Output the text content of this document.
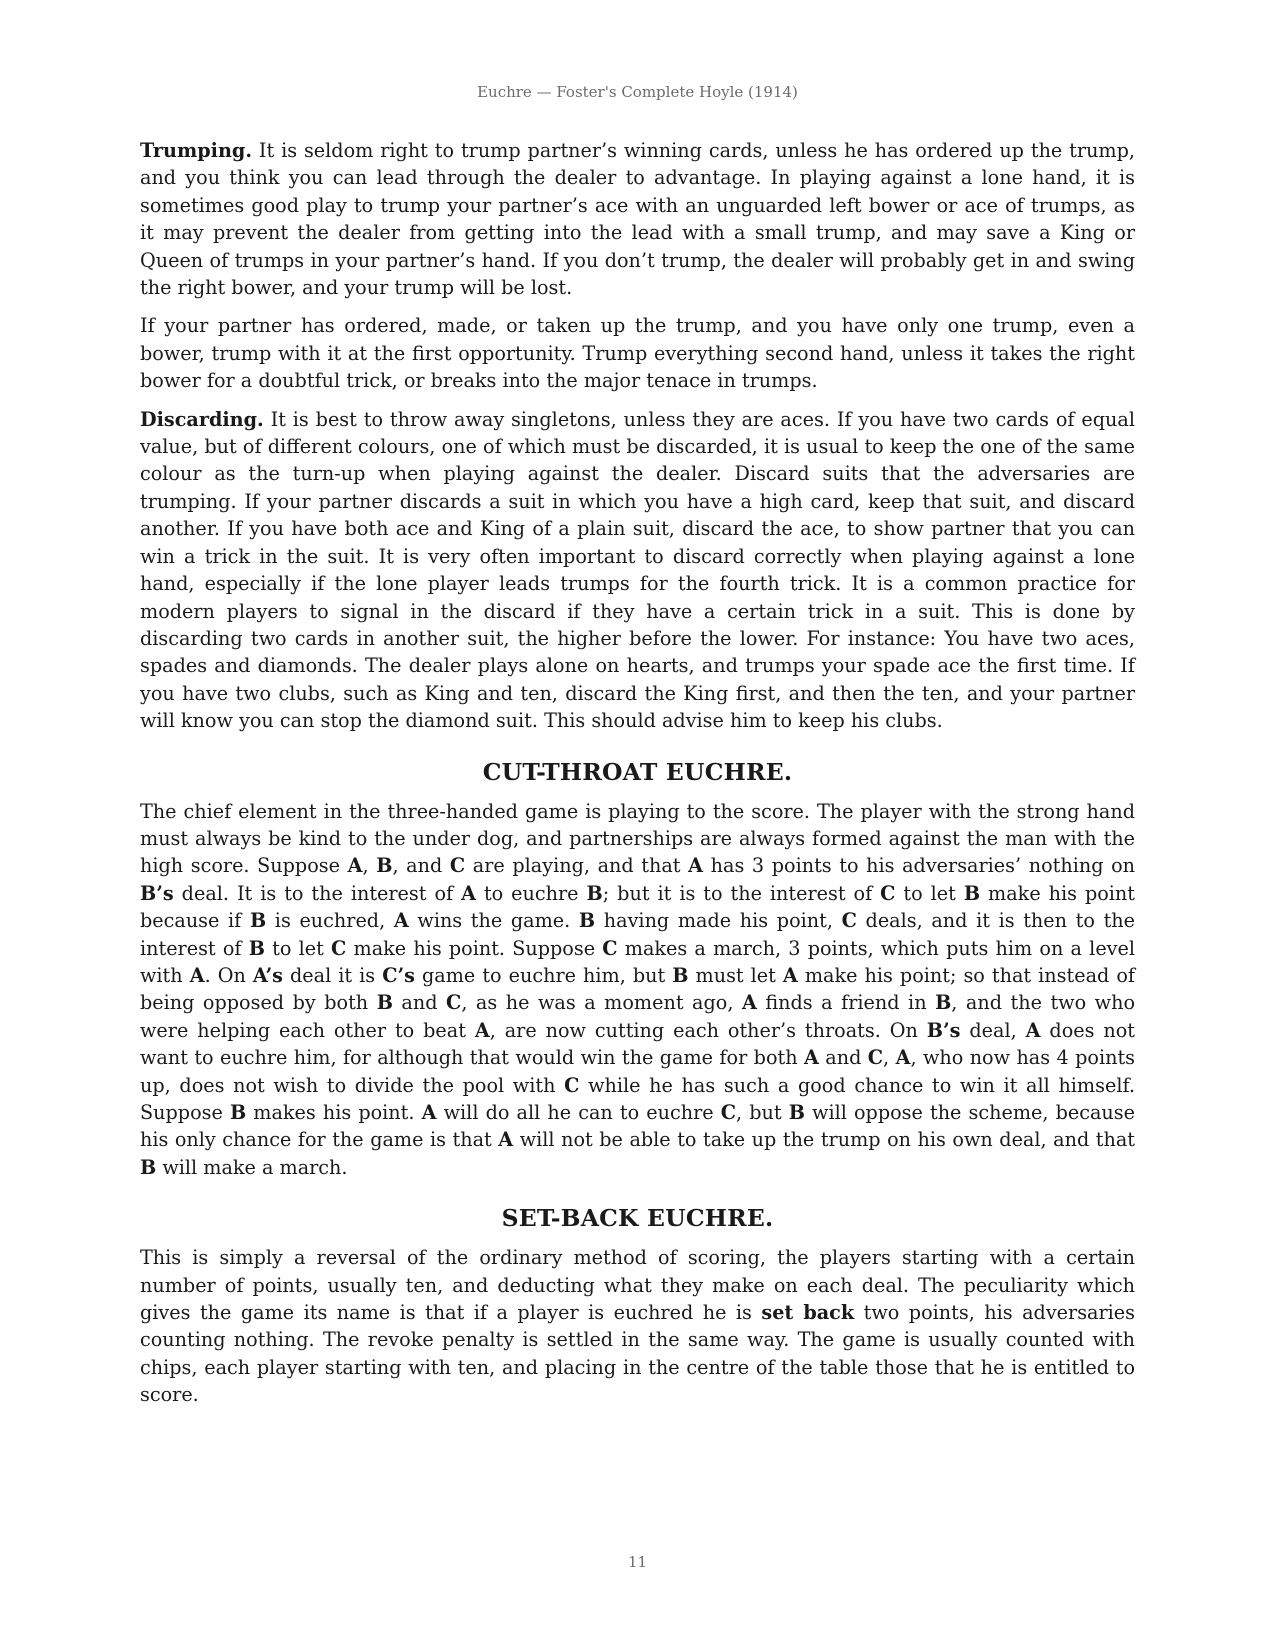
Euchre — Foster's Complete Hoyle (1914)

Trumping. It is seldom right to trump partner’s winning cards, unless he has ordered up the trump, and you think you can lead through the dealer to advantage. In playing against a lone hand, it is sometimes good play to trump your partner’s ace with an unguarded left bower or ace of trumps, as it may prevent the dealer from getting into the lead with a small trump, and may save a King or Queen of trumps in your partner’s hand. If you don’t trump, the dealer will probably get in and swing the right bower, and your trump will be lost.

If your partner has ordered, made, or taken up the trump, and you have only one trump, even a bower, trump with it at the first opportunity. Trump everything second hand, unless it takes the right bower for a doubtful trick, or breaks into the major tenace in trumps.

Discarding. It is best to throw away singletons, unless they are aces. If you have two cards of equal value, but of different colours, one of which must be discarded, it is usual to keep the one of the same colour as the turn-up when playing against the dealer. Discard suits that the adversaries are trumping. If your partner discards a suit in which you have a high card, keep that suit, and discard another. If you have both ace and King of a plain suit, discard the ace, to show partner that you can win a trick in the suit. It is very often important to discard correctly when playing against a lone hand, especially if the lone player leads trumps for the fourth trick. It is a common practice for modern players to signal in the discard if they have a certain trick in a suit. This is done by discarding two cards in another suit, the higher before the lower. For instance: You have two aces, spades and diamonds. The dealer plays alone on hearts, and trumps your spade ace the first time. If you have two clubs, such as King and ten, discard the King first, and then the ten, and your partner will know you can stop the diamond suit. This should advise him to keep his clubs.

CUT-THROAT EUCHRE.

The chief element in the three-handed game is playing to the score. The player with the strong hand must always be kind to the under dog, and partnerships are always formed against the man with the high score. Suppose A, B, and C are playing, and that A has 3 points to his adversaries’ nothing on B’s deal. It is to the interest of A to euchre B; but it is to the interest of C to let B make his point because if B is euchred, A wins the game. B having made his point, C deals, and it is then to the interest of B to let C make his point. Suppose C makes a march, 3 points, which puts him on a level with A. On A’s deal it is C’s game to euchre him, but B must let A make his point; so that instead of being opposed by both B and C, as he was a moment ago, A finds a friend in B, and the two who were helping each other to beat A, are now cutting each other’s throats. On B’s deal, A does not want to euchre him, for although that would win the game for both A and C, A, who now has 4 points up, does not wish to divide the pool with C while he has such a good chance to win it all himself. Suppose B makes his point. A will do all he can to euchre C, but B will oppose the scheme, because his only chance for the game is that A will not be able to take up the trump on his own deal, and that B will make a march.

SET-BACK EUCHRE.

This is simply a reversal of the ordinary method of scoring, the players starting with a certain number of points, usually ten, and deducting what they make on each deal. The peculiarity which gives the game its name is that if a player is euchred he is set back two points, his adversaries counting nothing. The revoke penalty is settled in the same way. The game is usually counted with chips, each player starting with ten, and placing in the centre of the table those that he is entitled to score.

11
